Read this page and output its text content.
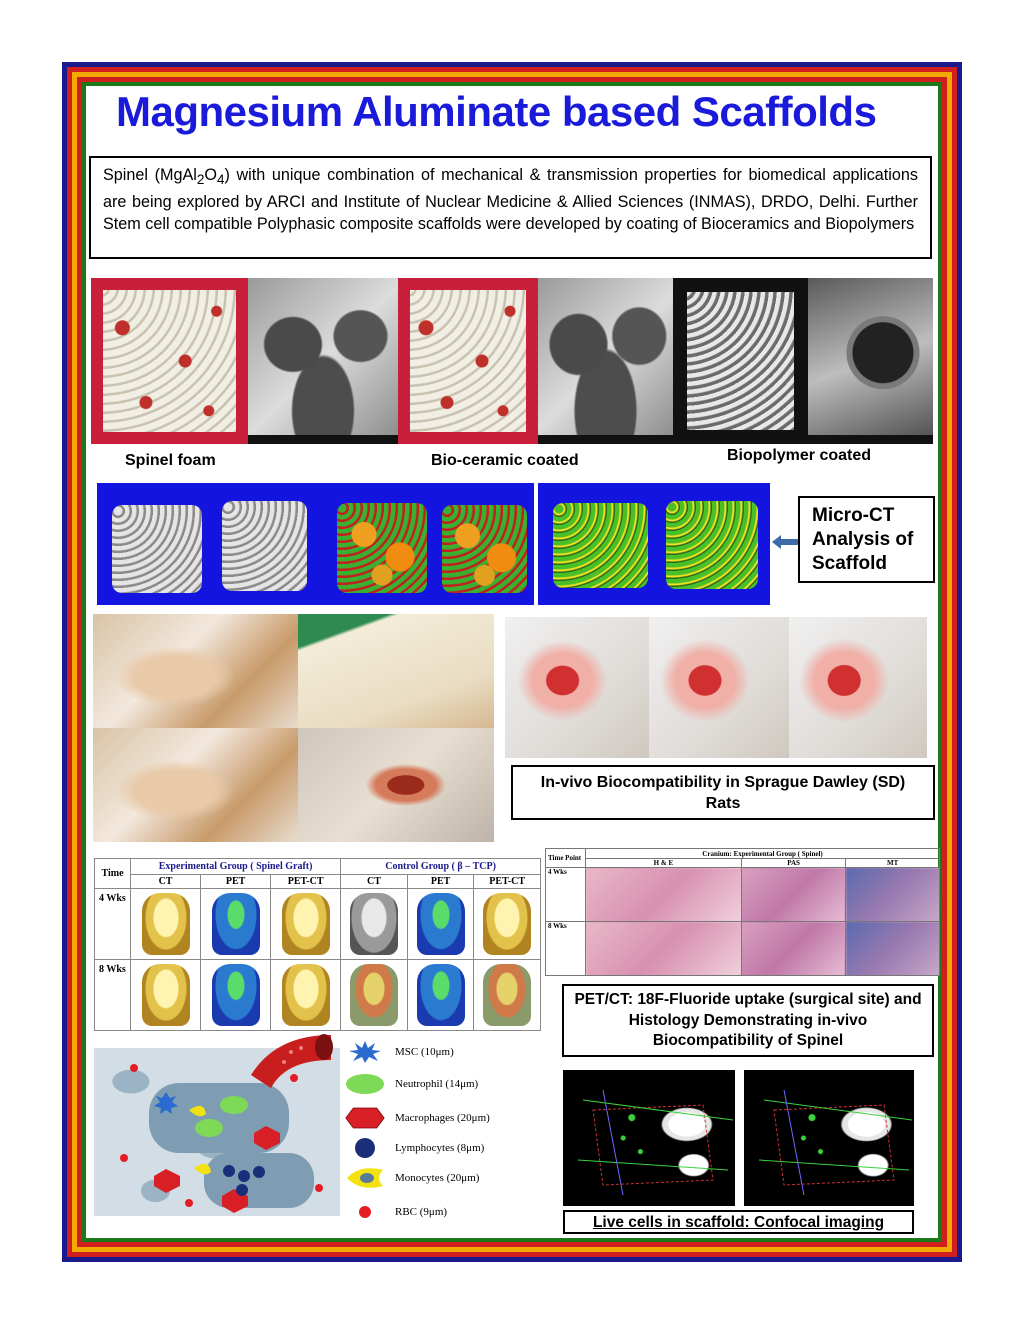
Magnesium Aluminate based Scaffolds
Spinel $(MgAl_2O_4)$ with unique combination of mechanical & transmission properties for biomedical applications are being explored by ARCI and Institute of Nuclear Medicine & Allied Sciences (INMAS), DRDO, Delhi. Further Stem cell compatible Polyphasic composite scaffolds were developed by coating of Bioceramics and Biopolymers
Spinel foam	Bio-ceramic coated	Biopolymer coated
Micro-CT Analysis of Scaffold
In-vivo Biocompatibility in Sprague Dawley (SD) Rats
Time	Experimental Group ( Spinel Graft)			Control Group ( β – TCP)		
	CT	PET	PET-CT	CT	PET	PET-CT
4 Wks	

8 Wks	

Time Point	Cranium: Experimental Group ( Spinel)		
	H & E	PAS	MT
4 Wks			
8 Wks			
PET/CT: 18F-Fluoride uptake (surgical site) and Histology Demonstrating in-vivo Biocompatibility of Spinel
MSC (10μm)
Neutrophil (14μm)
Macrophages (20μm)
Lymphocytes (8μm)
Monocytes (20μm)
RBC (9μm)
Live cells in scaffold: Confocal imaging
